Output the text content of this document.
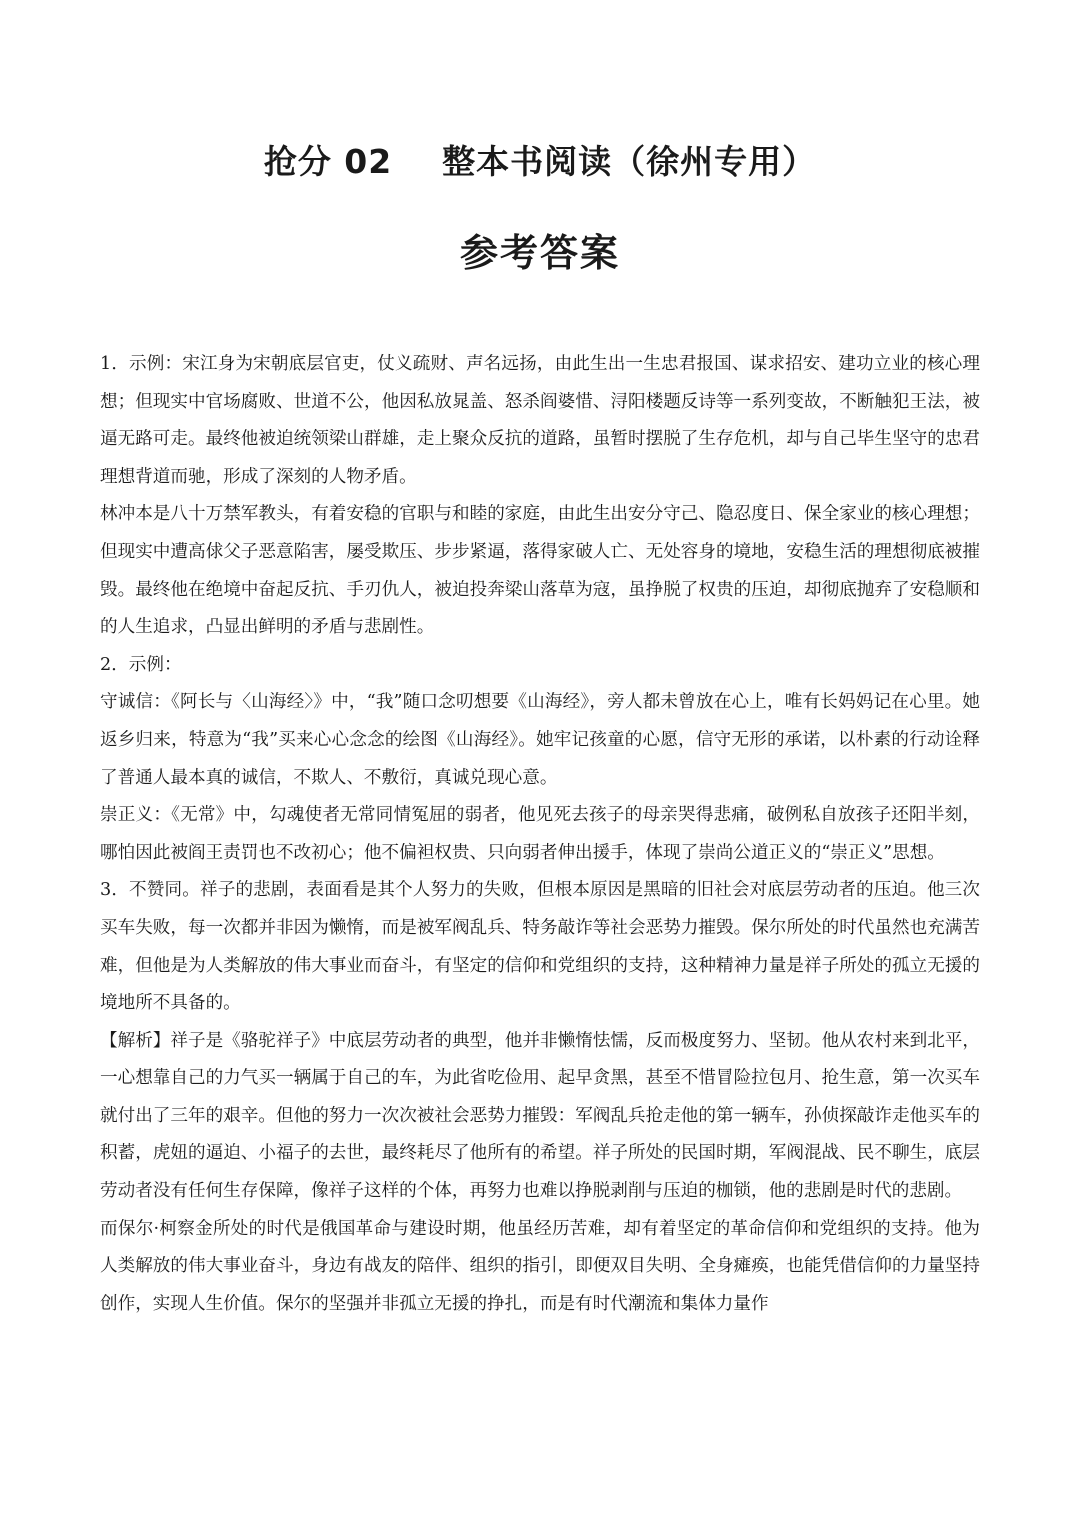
抢分 02    整本书阅读（徐州专用）
参考答案

1．示例：宋江身为宋朝底层官吏，仗义疏财、声名远扬，由此生出一生忠君报国、谋求招安、建功立业的核心理想；但现实中官场腐败、世道不公，他因私放晁盖、怒杀阎婆惜、浔阳楼题反诗等一系列变故，不断触犯王法，被逼无路可走。最终他被迫统领梁山群雄，走上聚众反抗的道路，虽暂时摆脱了生存危机，却与自己毕生坚守的忠君理想背道而驰，形成了深刻的人物矛盾。

林冲本是八十万禁军教头，有着安稳的官职与和睦的家庭，由此生出安分守己、隐忍度日、保全家业的核心理想；但现实中遭高俅父子恶意陷害，屡受欺压、步步紧逼，落得家破人亡、无处容身的境地，安稳生活的理想彻底被摧毁。最终他在绝境中奋起反抗、手刃仇人，被迫投奔梁山落草为寇，虽挣脱了权贵的压迫，却彻底抛弃了安稳顺和的人生追求，凸显出鲜明的矛盾与悲剧性。

2．示例：

守诚信：《阿长与〈山海经〉》中，“我”随口念叨想要《山海经》，旁人都未曾放在心上，唯有长妈妈记在心里。她返乡归来，特意为“我”买来心心念念的绘图《山海经》。她牢记孩童的心愿，信守无形的承诺，以朴素的行动诠释了普通人最本真的诚信，不欺人、不敷衍，真诚兑现心意。

崇正义：《无常》中，勾魂使者无常同情冤屈的弱者，他见死去孩子的母亲哭得悲痛，破例私自放孩子还阳半刻，哪怕因此被阎王责罚也不改初心；他不偏袒权贵、只向弱者伸出援手，体现了崇尚公道正义的“崇正义”思想。

3．不赞同。祥子的悲剧，表面看是其个人努力的失败，但根本原因是黑暗的旧社会对底层劳动者的压迫。他三次买车失败，每一次都并非因为懒惰，而是被军阀乱兵、特务敲诈等社会恶势力摧毁。保尔所处的时代虽然也充满苦难，但他是为人类解放的伟大事业而奋斗，有坚定的信仰和党组织的支持，这种精神力量是祥子所处的孤立无援的境地所不具备的。

【解析】祥子是《骆驼祥子》中底层劳动者的典型，他并非懒惰怯懦，反而极度努力、坚韧。他从农村来到北平，一心想靠自己的力气买一辆属于自己的车，为此省吃俭用、起早贪黑，甚至不惜冒险拉包月、抢生意，第一次买车就付出了三年的艰辛。但他的努力一次次被社会恶势力摧毁：军阀乱兵抢走他的第一辆车，孙侦探敲诈走他买车的积蓄，虎妞的逼迫、小福子的去世，最终耗尽了他所有的希望。祥子所处的民国时期，军阀混战、民不聊生，底层劳动者没有任何生存保障，像祥子这样的个体，再努力也难以挣脱剥削与压迫的枷锁，他的悲剧是时代的悲剧。

而保尔·柯察金所处的时代是俄国革命与建设时期，他虽经历苦难，却有着坚定的革命信仰和党组织的支持。他为人类解放的伟大事业奋斗，身边有战友的陪伴、组织的指引，即便双目失明、全身瘫痪，也能凭借信仰的力量坚持创作，实现人生价值。保尔的坚强并非孤立无援的挣扎，而是有时代潮流和集体力量作
